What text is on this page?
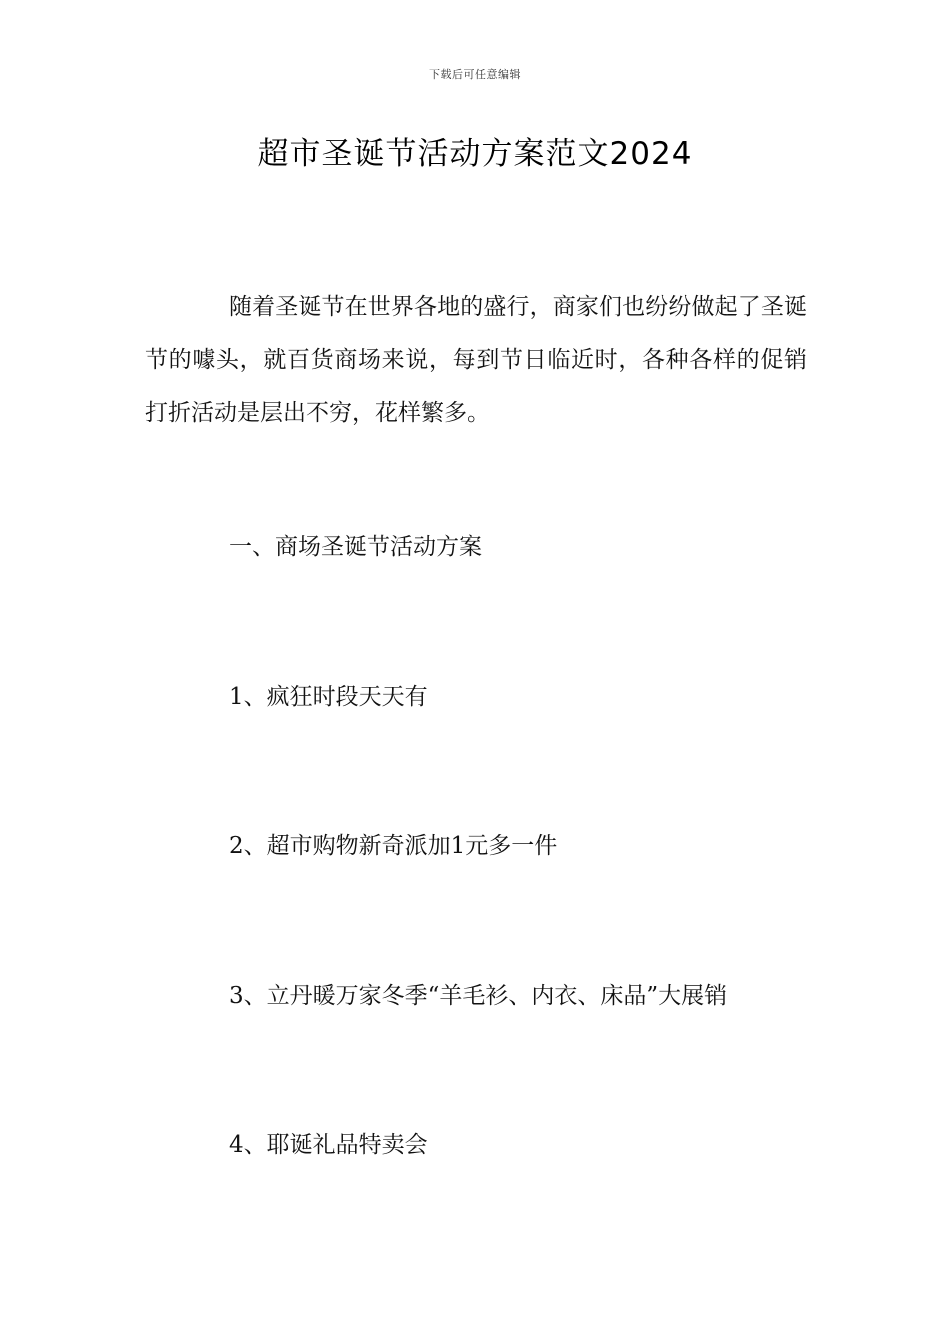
下载后可任意编辑
超市圣诞节活动方案范文2024

随着圣诞节在世界各地的盛行，商家们也纷纷做起了圣诞节的噱头，就百货商场来说，每到节日临近时，各种各样的促销打折活动是层出不穷，花样繁多。

一、商场圣诞节活动方案

1、疯狂时段天天有

2、超市购物新奇派加1元多一件

3、立丹暖万家冬季“羊毛衫、内衣、床品”大展销

4、耶诞礼品特卖会
